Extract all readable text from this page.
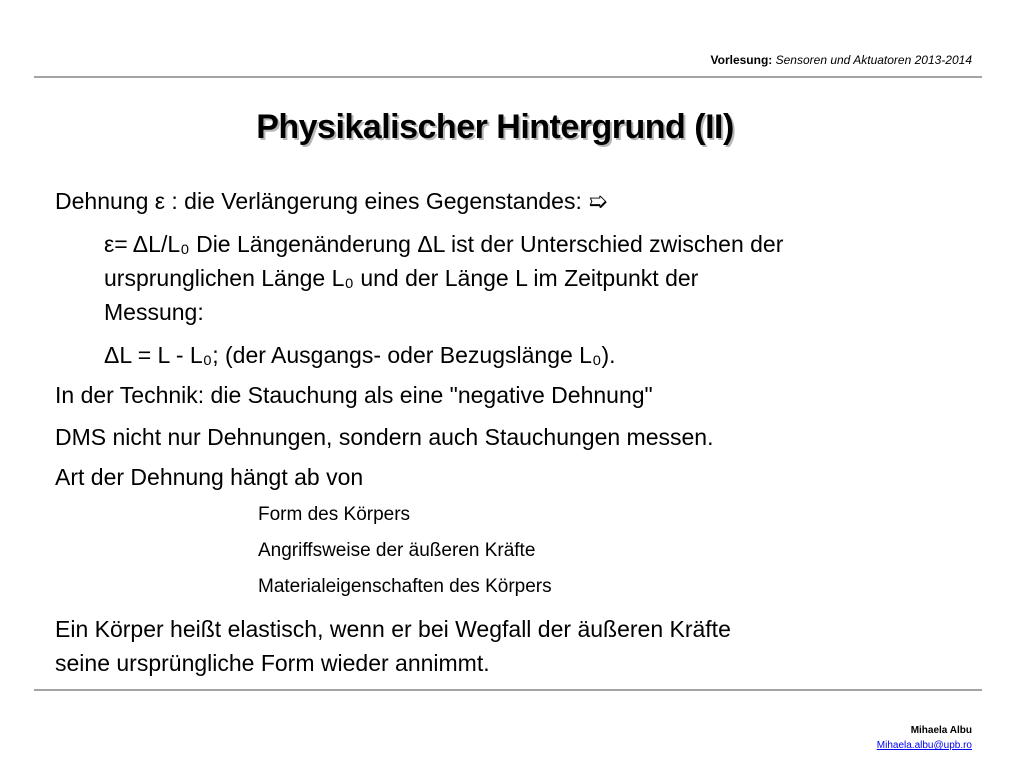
Vorlesung: Sensoren und Aktuatoren 2013-2014
Physikalischer Hintergrund (II)
Dehnung ε : die Verlängerung eines Gegenstandes: ➯
ε= ΔL/L₀ Die Längenänderung ΔL ist der Unterschied zwischen der
ursprunglichen Länge L₀ und der Länge L im Zeitpunkt der
Messung:
ΔL = L - L₀; (der Ausgangs- oder Bezugslänge L₀).
In der Technik: die Stauchung als eine "negative Dehnung"
DMS nicht nur Dehnungen, sondern auch Stauchungen messen.
Art der Dehnung hängt ab von
Form des Körpers
Angriffsweise der äußeren Kräfte
Materialeigenschaften des Körpers
Ein Körper heißt elastisch, wenn er bei Wegfall der äußeren Kräfte
seine ursprüngliche Form wieder annimmt.
Mihaela Albu
Mihaela.albu@upb.ro
